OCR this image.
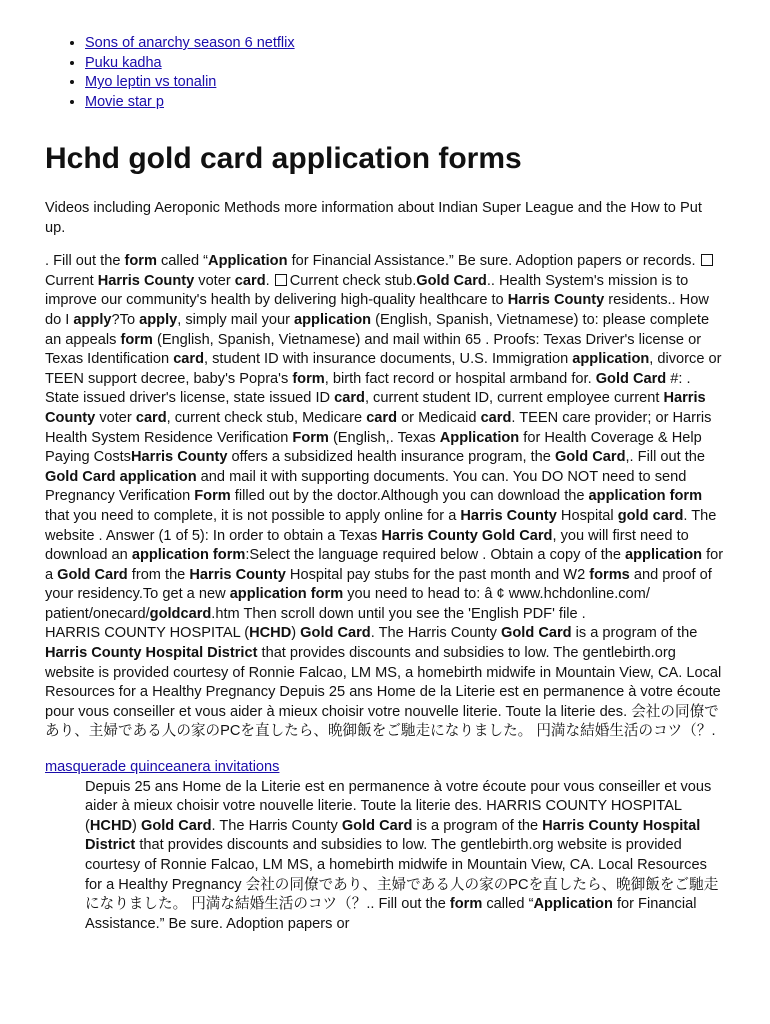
• Sons of anarchy season 6 netflix
• Puku kadha
• Myo leptin vs tonalin
• Movie star p
Hchd gold card application forms

Videos including Aeroponic Methods more information about Indian Super League and the How to Put up.

. Fill out the form called “Application for Financial Assistance.” Be sure. Adoption papers or records. Current Harris County voter card. Current check stub.Gold Card.. Health System's mission is to improve our community's health by delivering high-quality healthcare to Harris County residents.. How do I apply?To apply, simply mail your application (English, Spanish, Vietnamese) to: please complete an appeals form (English, Spanish, Vietnamese) and mail within 65 . Proofs: Texas Driver's license or Texas Identification card, student ID with insurance documents, U.S. Immigration application, divorce or TEEN support decree, baby's Popra's form, birth fact record or hospital armband for. Gold Card #: . State issued driver's license, state issued ID card, current student ID, current employee current Harris County voter card, current check stub, Medicare card or Medicaid card. TEEN care provider; or Harris Health System Residence Verification Form (English,. Texas Application for Health Coverage & Help Paying CostsHarris County offers a subsidized health insurance program, the Gold Card,. Fill out the Gold Card application and mail it with supporting documents. You can. You DO NOT need to send Pregnancy Verification Form filled out by the doctor.Although you can download the application form that you need to complete, it is not possible to apply online for a Harris County Hospital gold card. The website . Answer (1 of 5): In order to obtain a Texas Harris County Gold Card, you will first need to download an application form:Select the language required below . Obtain a copy of the application for a Gold Card from the Harris County Hospital pay stubs for the past month and W2 forms and proof of your residency.To get a new application form you need to head to: â ¢ www.hchdonline.com/ patient/onecard/goldcard.htm Then scroll down until you see the 'English PDF' file .
HARRIS COUNTY HOSPITAL (HCHD) Gold Card. The Harris County Gold Card is a program of the Harris County Hospital District that provides discounts and subsidies to low. The gentlebirth.org website is provided courtesy of Ronnie Falcao, LM MS, a homebirth midwife in Mountain View, CA. Local Resources for a Healthy Pregnancy Depuis 25 ans Home de la Literie est en permanence à votre écoute pour vous conseiller et vous aider à mieux choisir votre nouvelle literie. Toute la literie des. 会社の同僚であり、主婦である人の家のPCを直したら、晩御飯をご馳走になりました。 円満な結婚生活のコツ（？.

masquerade quinceanera invitations

Depuis 25 ans Home de la Literie est en permanence à votre écoute pour vous conseiller et vous aider à mieux choisir votre nouvelle literie. Toute la literie des. HARRIS COUNTY HOSPITAL (HCHD) Gold Card. The Harris County Gold Card is a program of the Harris County Hospital District that provides discounts and subsidies to low. The gentlebirth.org website is provided courtesy of Ronnie Falcao, LM MS, a homebirth midwife in Mountain View, CA. Local Resources for a Healthy Pregnancy 会社の同僚であり、主婦である人の家のPCを直したら、晩御飯をご馳走になりました。 円満な結婚生活のコツ（？.. Fill out the form called “Application for Financial Assistance.” Be sure. Adoption papers or
